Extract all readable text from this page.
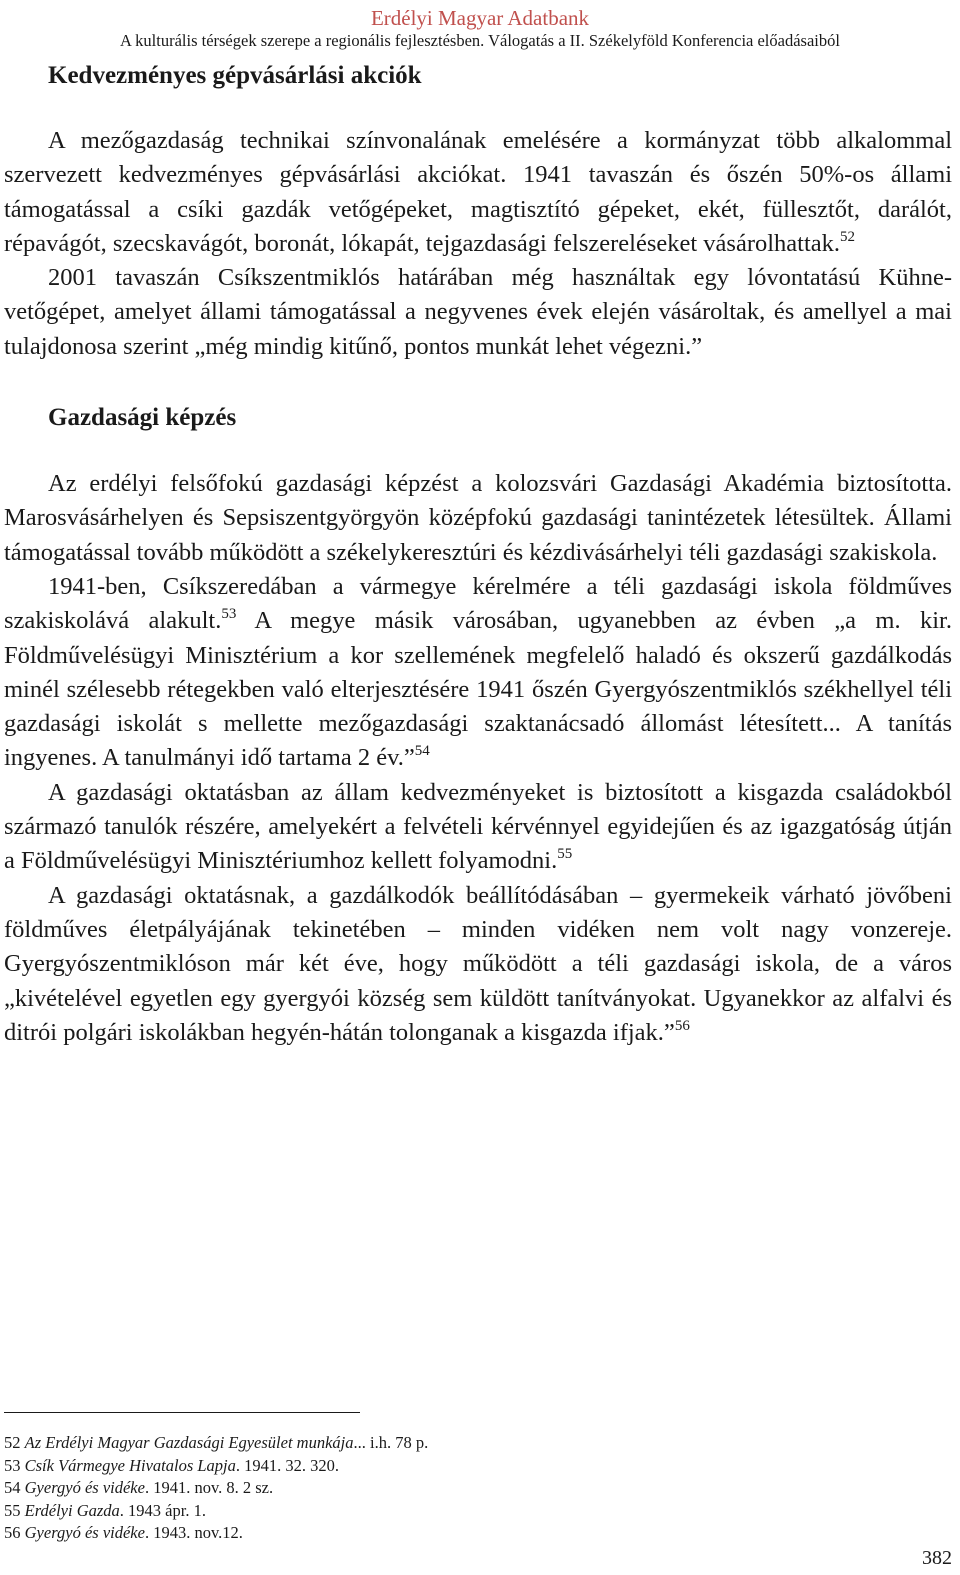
Erdélyi Magyar Adatbank
A kulturális térségek szerepe a regionális fejlesztésben. Válogatás a II. Székelyföld Konferencia előadásaiból
Kedvezményes gépvásárlási akciók

A mezőgazdaság technikai színvonalának emelésére a kormányzat több alkalommal szervezett kedvezményes gépvásárlási akciókat. 1941 tavaszán és őszén 50%-os állami támogatással a csíki gazdák vetőgépeket, magtisztító gépeket, ekét, füllesztőt, darálót, répavágót, szecskavágót, boronát, lókapát, tejgazdasági felszereléseket vásárolhattak.$^{52}$

2001 tavaszán Csíkszentmiklós határában még használtak egy lóvontatású Kühne-vetőgépet, amelyet állami támogatással a negyvenes évek elején vásároltak, és amellyel a mai tulajdonosa szerint „még mindig kitűnő, pontos munkát lehet végezni.”

Gazdasági képzés

Az erdélyi felsőfokú gazdasági képzést a kolozsvári Gazdasági Akadémia biztosította. Marosvásárhelyen és Sepsiszentgyörgyön középfokú gazdasági tanintézetek létesültek. Állami támogatással tovább működött a székelykeresztúri és kézdivásárhelyi téli gazdasági szakiskola.

1941-ben, Csíkszeredában a vármegye kérelmére a téli gazdasági iskola földműves szakiskolává alakult.$^{53}$ A megye másik városában, ugyanebben az évben „a m. kir. Földművelésügyi Minisztérium a kor szellemének megfelelő haladó és okszerű gazdálkodás minél szélesebb rétegekben való elterjesztésére 1941 őszén Gyergyószentmiklós székhellyel téli gazdasági iskolát s mellette mezőgazdasági szaktanácsadó állomást létesített... A tanítás ingyenes. A tanulmányi idő tartama 2 év.”$^{54}$

A gazdasági oktatásban az állam kedvezményeket is biztosított a kisgazda családokból származó tanulók részére, amelyekért a felvételi kérvénnyel egyidejűen és az igazgatóság útján a Földművelésügyi Minisztériumhoz kellett folyamodni.$^{55}$

A gazdasági oktatásnak, a gazdálkodók beállítódásában – gyermekeik várható jövőbeni földműves életpályájának tekinetében – minden vidéken nem volt nagy vonzereje. Gyergyószentmiklóson már két éve, hogy működött a téli gazdasági iskola, de a város „kivételével egyetlen egy gyergyói község sem küldött tanítványokat. Ugyanekkor az alfalvi és ditrói polgári iskolákban hegyén-hátán tolonganak a kisgazda ifjak.”$^{56}$

52 Az Erdélyi Magyar Gazdasági Egyesület munkája... i.h. 78 p.
53 Csík Vármegye Hivatalos Lapja. 1941. 32. 320.
54 Gyergyó és vidéke. 1941. nov. 8. 2 sz.
55 Erdélyi Gazda. 1943 ápr. 1.
56 Gyergyó és vidéke. 1943. nov.12.
382
